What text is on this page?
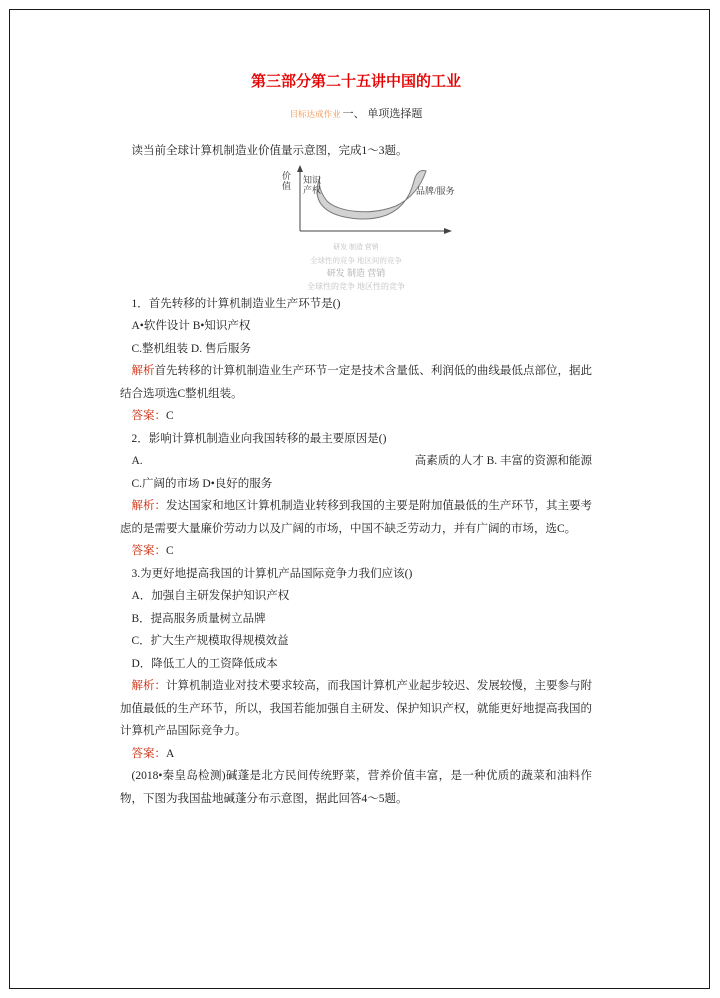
第三部分第二十五讲中国的工业
目标达成作业 一、 单项选择题

读当前全球计算机制造业价值量示意图，完成1～3题。

价值 知识
产权	品牌/服务
研发 制造 营销
全球性的竞争 地区间的竞争
研发 制造 营销
全球性的竞争 地区性的竞争

1．首先转移的计算机制造业生产环节是()

A•软件设计 B•知识产权

C.整机组装 D. 售后服务

解析首先转移的计算机制造业生产环节一定是技术含量低、利润低的曲线最低点部位，据此结合选项选C整机组装。

答案：C

2．影响计算机制造业向我国转移的最主要原因是()

A.	高素质的人才 B. 丰富的资源和能源

C.广阔的市场 D•良好的服务

解析：发达国家和地区计算机制造业转移到我国的主要是附加值最低的生产环节，其主要考虑的是需要大量廉价劳动力以及广阔的市场，中国不缺乏劳动力，并有广阔的市场，选C。

答案：C

3.为更好地提高我国的计算机产品国际竞争力我们应该()

A．加强自主研发保护知识产权

B．提高服务质量树立品牌

C．扩大生产规模取得规模效益

D．降低工人的工资降低成本

解析：计算机制造业对技术要求较高，而我国计算机产业起步较迟、发展较慢，主要参与附加值最低的生产环节，所以，我国若能加强自主研发、保护知识产权，就能更好地提高我国的计算机产品国际竞争力。

答案：A

(2018•秦皇岛检测)碱蓬是北方民间传统野菜，营养价值丰富，是一种优质的蔬菜和油料作物，下图为我国盐地碱蓬分布示意图，据此回答4～5题。
